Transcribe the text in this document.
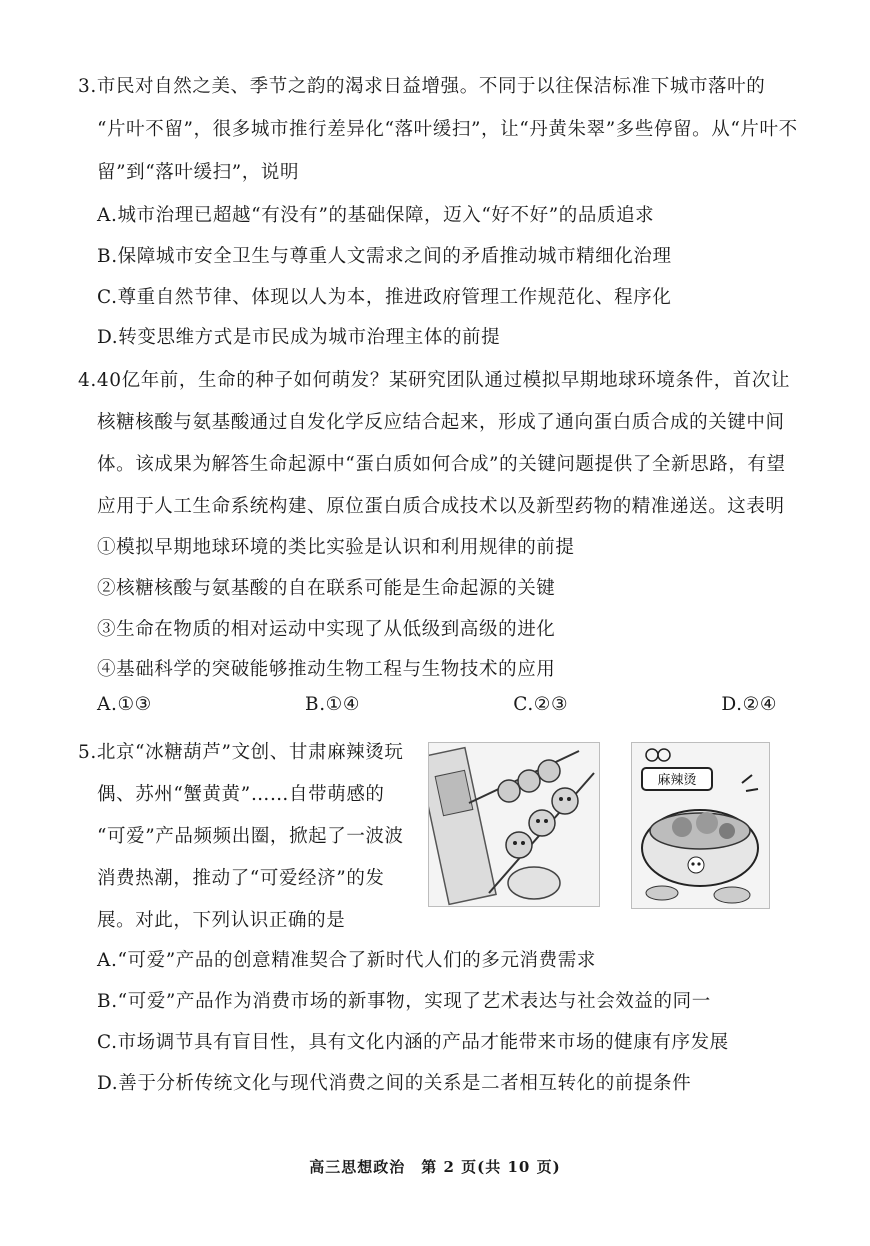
3.市民对自然之美、季节之韵的渴求日益增强。不同于以往保洁标准下城市落叶的
“片叶不留”，很多城市推行差异化“落叶缓扫”，让“丹黄朱翠”多些停留。从“片叶不
留”到“落叶缓扫”，说明
A.城市治理已超越“有没有”的基础保障，迈入“好不好”的品质追求
B.保障城市安全卫生与尊重人文需求之间的矛盾推动城市精细化治理
C.尊重自然节律、体现以人为本，推进政府管理工作规范化、程序化
D.转变思维方式是市民成为城市治理主体的前提
4.40亿年前，生命的种子如何萌发？某研究团队通过模拟早期地球环境条件，首次让
核糖核酸与氨基酸通过自发化学反应结合起来，形成了通向蛋白质合成的关键中间
体。该成果为解答生命起源中“蛋白质如何合成”的关键问题提供了全新思路，有望
应用于人工生命系统构建、原位蛋白质合成技术以及新型药物的精准递送。这表明
①模拟早期地球环境的类比实验是认识和利用规律的前提
②核糖核酸与氨基酸的自在联系可能是生命起源的关键
③生命在物质的相对运动中实现了从低级到高级的进化
④基础科学的突破能够推动生物工程与生物技术的应用
A.①③	B.①④	C.②③	D.②④
5.北京“冰糖葫芦”文创、甘肃麻辣烫玩
偶、苏州“蟹黄黄”……自带萌感的
“可爱”产品频频出圈，掀起了一波波
消费热潮，推动了“可爱经济”的发
展。对此，下列认识正确的是
麻辣烫
A.“可爱”产品的创意精准契合了新时代人们的多元消费需求
B.“可爱”产品作为消费市场的新事物，实现了艺术表达与社会效益的同一
C.市场调节具有盲目性，具有文化内涵的产品才能带来市场的健康有序发展
D.善于分析传统文化与现代消费之间的关系是二者相互转化的前提条件
高三思想政治　第 2 页(共 10 页)
